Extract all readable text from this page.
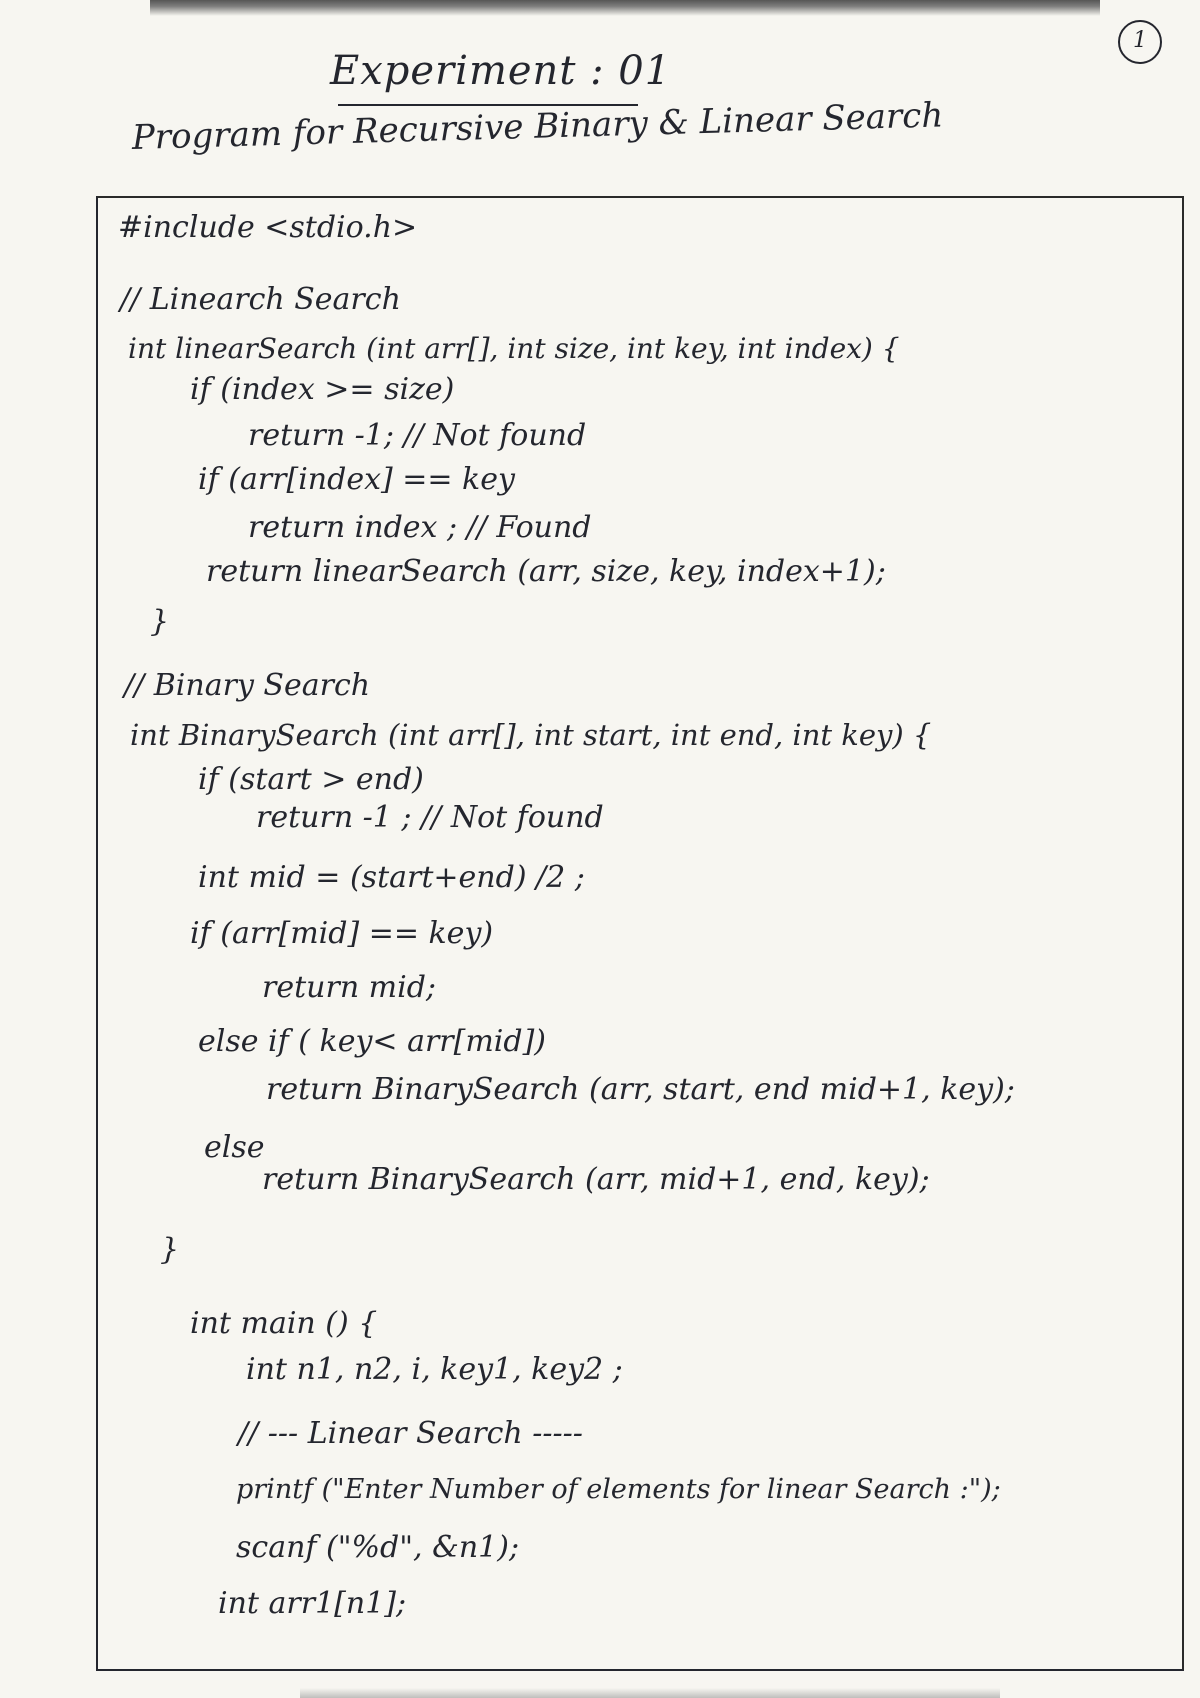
1
Experiment : 01
Program for Recursive Binary & Linear Search
#include <stdio.h>
// Linearch Search
int linearSearch (int arr[], int size, int key, int index) {
if (index >= size)
return -1; // Not found
if (arr[index] == key
return index ; // Found
return linearSearch (arr, size, key, index+1);
}
// Binary Search
int BinarySearch (int arr[], int start, int end, int key) {
if (start > end)
return -1 ; // Not found
int mid = (start+end) /2 ;
if (arr[mid] == key)
return mid;
else if ( key< arr[mid])
return BinarySearch (arr, start, end mid+1, key);
else
return BinarySearch (arr, mid+1, end, key);
}
int main () {
int n1, n2, i, key1, key2 ;
// --- Linear Search -----
printf ("Enter Number of elements for linear Search :");
scanf ("%d", &n1);
int arr1[n1];
